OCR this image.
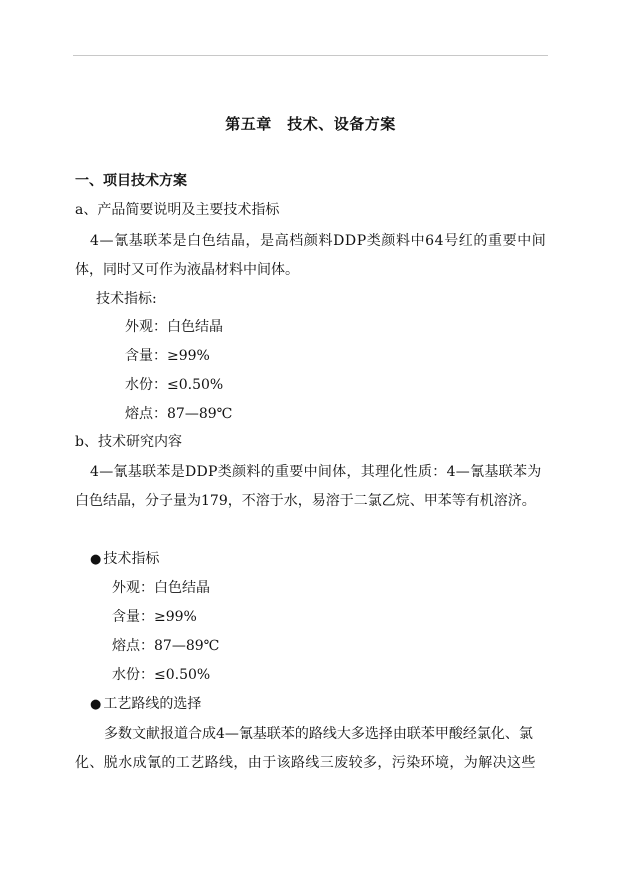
第五章　技术、设备方案
一、项目技术方案
a、产品简要说明及主要技术指标
4—氰基联苯是白色结晶，是高档颜料DDP类颜料中64号红的重要中间
体，同时又可作为液晶材料中间体。
技术指标:
外观：白色结晶
含量：≥99%
水份：≤0.50%
熔点：87—89℃
b、技术研究内容
4—氰基联苯是DDP类颜料的重要中间体，其理化性质：4—氰基联苯为
白色结晶，分子量为179，不溶于水，易溶于二氯乙烷、甲苯等有机溶济。
● 技术指标
外观：白色结晶
含量：≥99%
熔点：87—89℃
水份：≤0.50%
● 工艺路线的选择
多数文献报道合成4—氰基联苯的路线大多选择由联苯甲酸经氯化、氯
化、脱水成氰的工艺路线，由于该路线三废较多，污染环境，为解决这些
